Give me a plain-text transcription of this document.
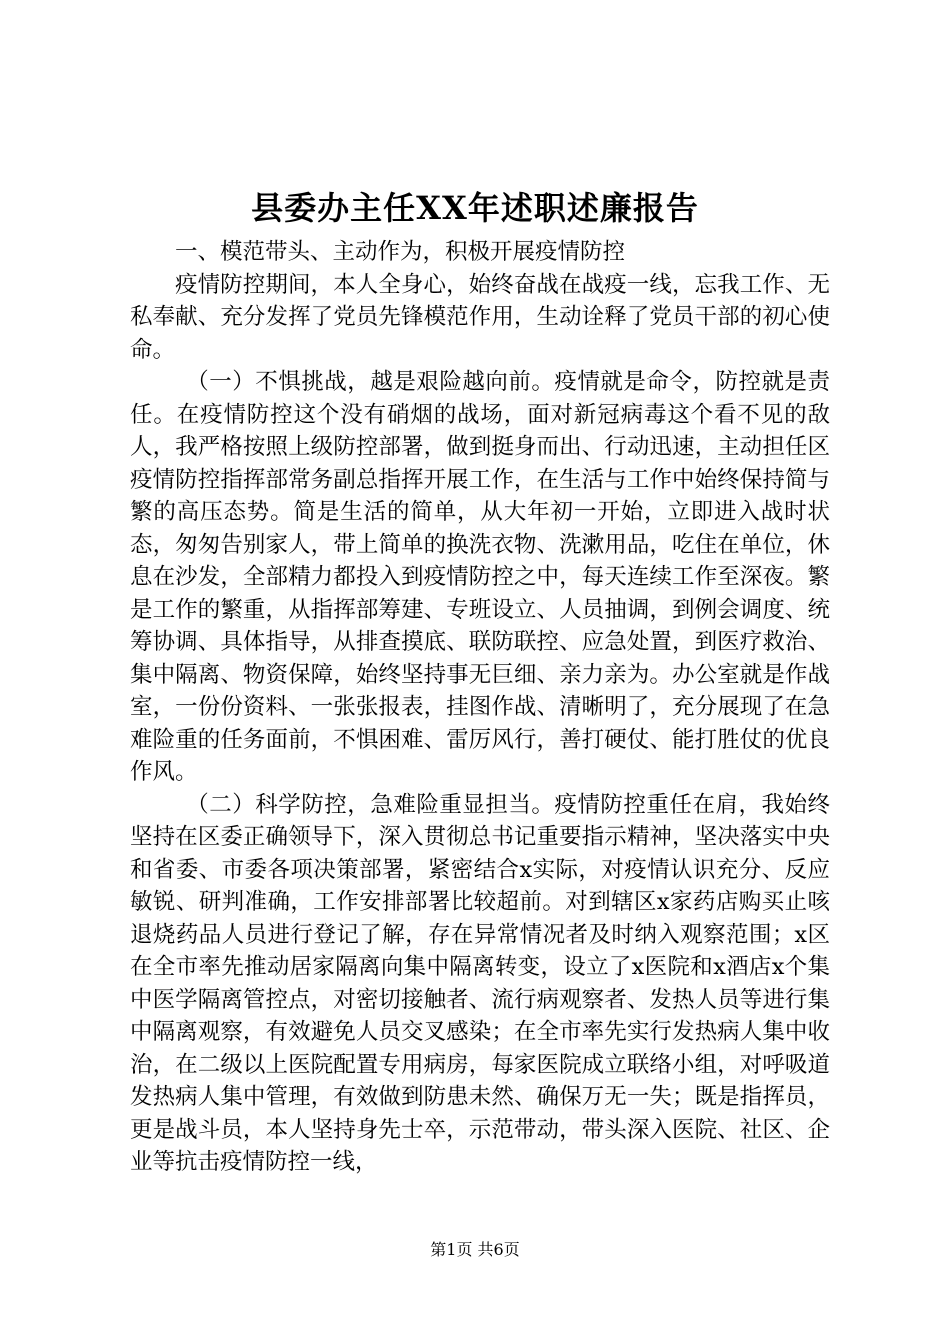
县委办主任XX年述职述廉报告

一、模范带头、主动作为，积极开展疫情防控

疫情防控期间，本人全身心，始终奋战在战疫一线，忘我工作、无私奉献、充分发挥了党员先锋模范作用，生动诠释了党员干部的初心使命。

（一）不惧挑战，越是艰险越向前。疫情就是命令，防控就是责任。在疫情防控这个没有硝烟的战场，面对新冠病毒这个看不见的敌人，我严格按照上级防控部署，做到挺身而出、行动迅速，主动担任区疫情防控指挥部常务副总指挥开展工作，在生活与工作中始终保持简与繁的高压态势。简是生活的简单，从大年初一开始，立即进入战时状态，匆匆告别家人，带上简单的换洗衣物、洗漱用品，吃住在单位，休息在沙发，全部精力都投入到疫情防控之中，每天连续工作至深夜。繁是工作的繁重，从指挥部筹建、专班设立、人员抽调，到例会调度、统筹协调、具体指导，从排查摸底、联防联控、应急处置，到医疗救治、集中隔离、物资保障，始终坚持事无巨细、亲力亲为。办公室就是作战室，一份份资料、一张张报表，挂图作战、清晰明了，充分展现了在急难险重的任务面前，不惧困难、雷厉风行，善打硬仗、能打胜仗的优良作风。

（二）科学防控，急难险重显担当。疫情防控重任在肩，我始终坚持在区委正确领导下，深入贯彻总书记重要指示精神，坚决落实中央和省委、市委各项决策部署，紧密结合x实际，对疫情认识充分、反应敏锐、研判准确，工作安排部署比较超前。对到辖区x家药店购买止咳退烧药品人员进行登记了解，存在异常情况者及时纳入观察范围；x区在全市率先推动居家隔离向集中隔离转变，设立了x医院和x酒店x个集中医学隔离管控点，对密切接触者、流行病观察者、发热人员等进行集中隔离观察，有效避免人员交叉感染；在全市率先实行发热病人集中收治，在二级以上医院配置专用病房，每家医院成立联络小组，对呼吸道发热病人集中管理，有效做到防患未然、确保万无一失；既是指挥员，更是战斗员，本人坚持身先士卒，示范带动，带头深入医院、社区、企业等抗击疫情防控一线，

第1页 共6页
